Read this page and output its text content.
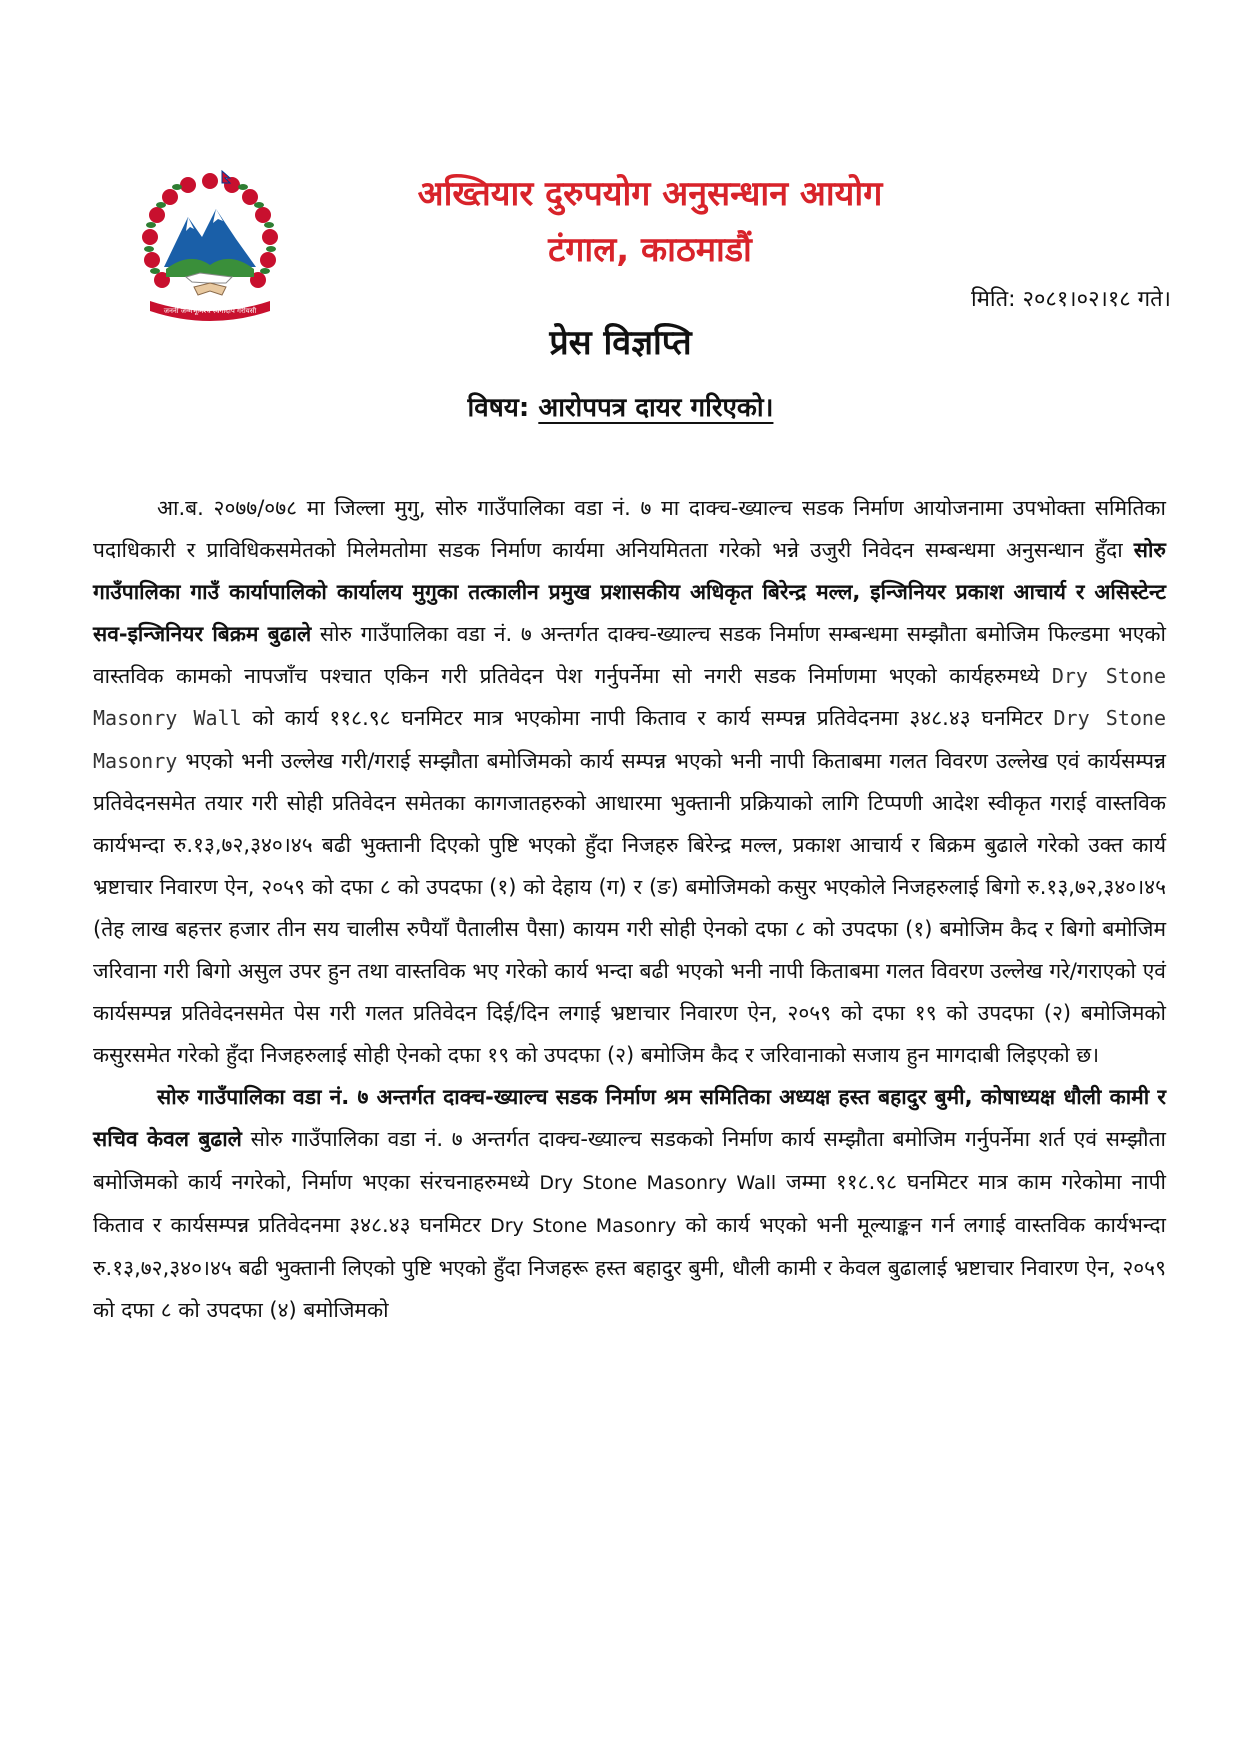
जननी जन्मभूमिश्च स्वर्गादपि गरीयसी
अख्तियार दुरुपयोग अनुसन्धान आयोग
टंगाल, काठमाडौं
मिति: २०८१।०२।१८ गते।
प्रेस विज्ञप्ति
विषय: आरोपपत्र दायर गरिएको।

आ.ब. २०७७/०७८ मा जिल्ला मुगु, सोरु गाउँपालिका वडा नं. ७ मा दाक्च-ख्याल्च सडक निर्माण आयोजनामा उपभोक्ता समितिका पदाधिकारी र प्राविधिकसमेतको मिलेमतोमा सडक निर्माण कार्यमा अनियमितता गरेको भन्ने उजुरी निवेदन सम्बन्धमा अनुसन्धान हुँदा सोरु गाउँपालिका गाउँ कार्यापालिको कार्यालय मुगुका तत्कालीन प्रमुख प्रशासकीय अधिकृत बिरेन्द्र मल्ल, इन्जिनियर प्रकाश आचार्य र असिस्टेन्ट सव-इन्जिनियर बिक्रम बुढाले सोरु गाउँपालिका वडा नं. ७ अन्तर्गत दाक्च-ख्याल्च सडक निर्माण सम्बन्धमा सम्झौता बमोजिम फिल्डमा भएको वास्तविक कामको नापजाँच पश्चात एकिन गरी प्रतिवेदन पेश गर्नुपर्नेमा सो नगरी सडक निर्माणमा भएको कार्यहरुमध्ये Dry Stone Masonry Wall को कार्य ११८.९८ घनमिटर मात्र भएकोमा नापी किताव र कार्य सम्पन्न प्रतिवेदनमा ३४८.४३ घनमिटर Dry Stone Masonry भएको भनी उल्लेख गरी/गराई सम्झौता बमोजिमको कार्य सम्पन्न भएको भनी नापी किताबमा गलत विवरण उल्लेख एवं कार्यसम्पन्न प्रतिवेदनसमेत तयार गरी सोही प्रतिवेदन समेतका कागजातहरुको आधारमा भुक्तानी प्रक्रियाको लागि टिप्पणी आदेश स्वीकृत गराई वास्तविक कार्यभन्दा रु.१३,७२,३४०।४५ बढी भुक्तानी दिएको पुष्टि भएको हुँदा निजहरु बिरेन्द्र मल्ल, प्रकाश आचार्य र बिक्रम बुढाले गरेको उक्त कार्य भ्रष्टाचार निवारण ऐन, २०५९ को दफा ८ को उपदफा (१) को देहाय (ग) र (ङ) बमोजिमको कसुर भएकोले निजहरुलाई बिगो रु.१३,७२,३४०।४५ (तेह लाख बहत्तर हजार तीन सय चालीस रुपैयाँ पैतालीस पैसा) कायम गरी सोही ऐनको दफा ८ को उपदफा (१) बमोजिम कैद र बिगो बमोजिम जरिवाना गरी बिगो असुल उपर हुन तथा वास्तविक भए गरेको कार्य भन्दा बढी भएको भनी नापी किताबमा गलत विवरण उल्लेख गरे/गराएको एवं कार्यसम्पन्न प्रतिवेदनसमेत पेस गरी गलत प्रतिवेदन दिई/दिन लगाई भ्रष्टाचार निवारण ऐन, २०५९ को दफा १९ को उपदफा (२) बमोजिमको कसुरसमेत गरेको हुँदा निजहरुलाई सोही ऐनको दफा १९ को उपदफा (२) बमोजिम कैद र जरिवानाको सजाय हुन मागदाबी लिइएको छ।

सोरु गाउँपालिका वडा नं. ७ अन्तर्गत दाक्च-ख्याल्च सडक निर्माण श्रम समितिका अध्यक्ष हस्त बहादुर बुमी, कोषाध्यक्ष धौली कामी र सचिव केवल बुढाले सोरु गाउँपालिका वडा नं. ७ अन्तर्गत दाक्च-ख्याल्च सडकको निर्माण कार्य सम्झौता बमोजिम गर्नुपर्नेमा शर्त एवं सम्झौता बमोजिमको कार्य नगरेको, निर्माण भएका संरचनाहरुमध्ये Dry Stone Masonry Wall जम्मा ११८.९८ घनमिटर मात्र काम गरेकोमा नापी किताव र कार्यसम्पन्न प्रतिवेदनमा ३४८.४३ घनमिटर Dry Stone Masonry को कार्य भएको भनी मूल्याङ्कन गर्न लगाई वास्तविक कार्यभन्दा रु.१३,७२,३४०।४५ बढी भुक्तानी लिएको पुष्टि भएको हुँदा निजहरू हस्त बहादुर बुमी, धौली कामी र केवल बुढालाई भ्रष्टाचार निवारण ऐन, २०५९ को दफा ८ को उपदफा (४) बमोजिमको
